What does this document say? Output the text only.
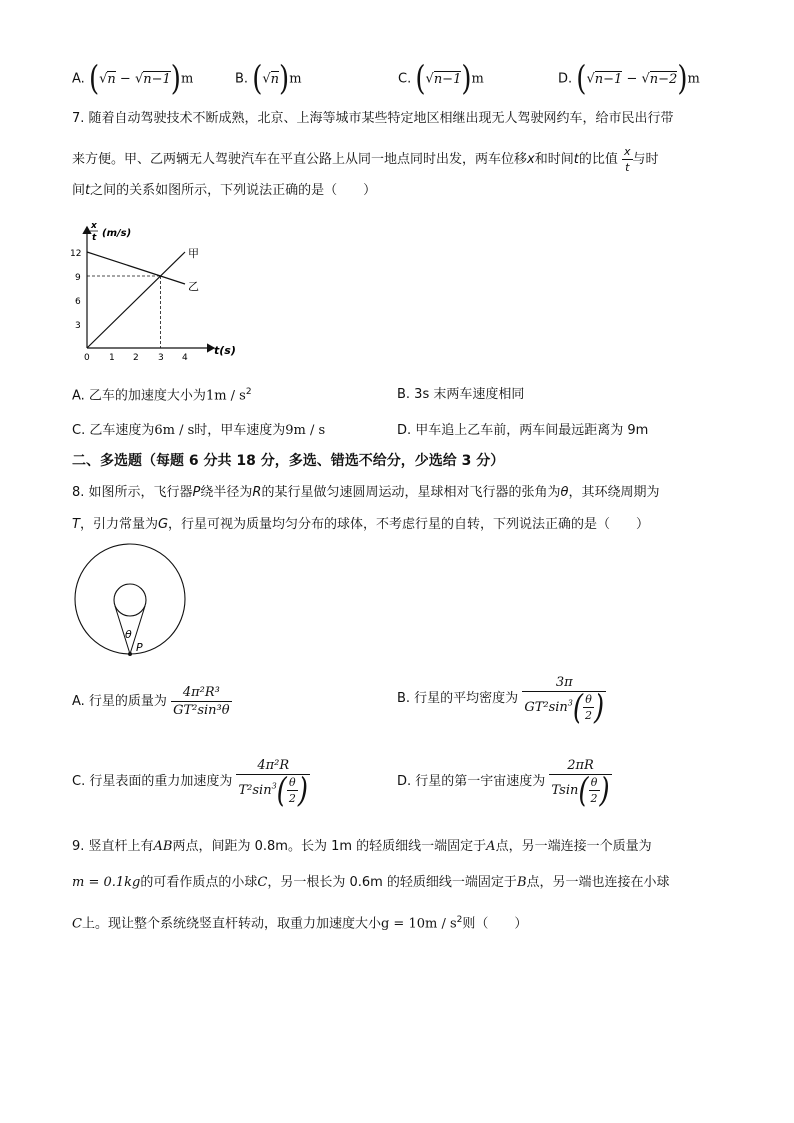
A. (√n − √n−1)m	B. (√n)m	C. (√n−1)m	D. (√n−1 − √n−2)m
7. 随着自动驾驶技术不断成熟，北京、上海等城市某些特定地区相继出现无人驾驶网约车，给市民出行带
来方便。甲、乙两辆无人驾驶汽车在平直公路上从同一地点同时出发，两车位移x和时间t的比值 $\frac{x}{t}$ 与时
间t之间的关系如图所示，下列说法正确的是（　　）
x
t (m/s)
t(s)
12
9
6
3
0 1 2 3 4
甲
乙
A. 乙车的加速度大小为$1m / s^2$	B. 3s 末两车速度相同
C. 乙车速度为6m / s时，甲车速度为9m / s	D. 甲车追上乙车前，两车间最远距离为 9m
二、多选题（每题 6 分共 18 分，多选、错选不给分，少选给 3 分）
8. 如图所示，飞行器P绕半径为R的某行星做匀速圆周运动，星球相对飞行器的张角为θ，其环绕周期为
T，引力常量为G，行星可视为质量均匀分布的球体，不考虑行星的自转，下列说法正确的是（　　）
θ
P
A. 行星的质量为 $\frac{\text{4π²R³}}{\text{GT²sin³θ}}$	B. 行星的平均密度为 $\frac{3\pi}{GT^2\sin^3( \frac{\theta}{2} )}$
C. 行星表面的重力加速度为 $\frac{\text{4π²R}}{T^2\sin^3( \frac{\theta}{2} )}$	D. 行星的第一宇宙速度为 $\frac{2\pi R}{Tsin( \frac{\theta}{2} )}$
9. 竖直杆上有AB两点，间距为 0.8m。长为 1m 的轻质细线一端固定于A点，另一端连接一个质量为
m = 0.1kg的可看作质点的小球C，另一根长为 0.6m 的轻质细线一端固定于B点，另一端也连接在小球
C上。现让整个系统绕竖直杆转动，取重力加速度大小$g = 10m / s^2$则（　　）
